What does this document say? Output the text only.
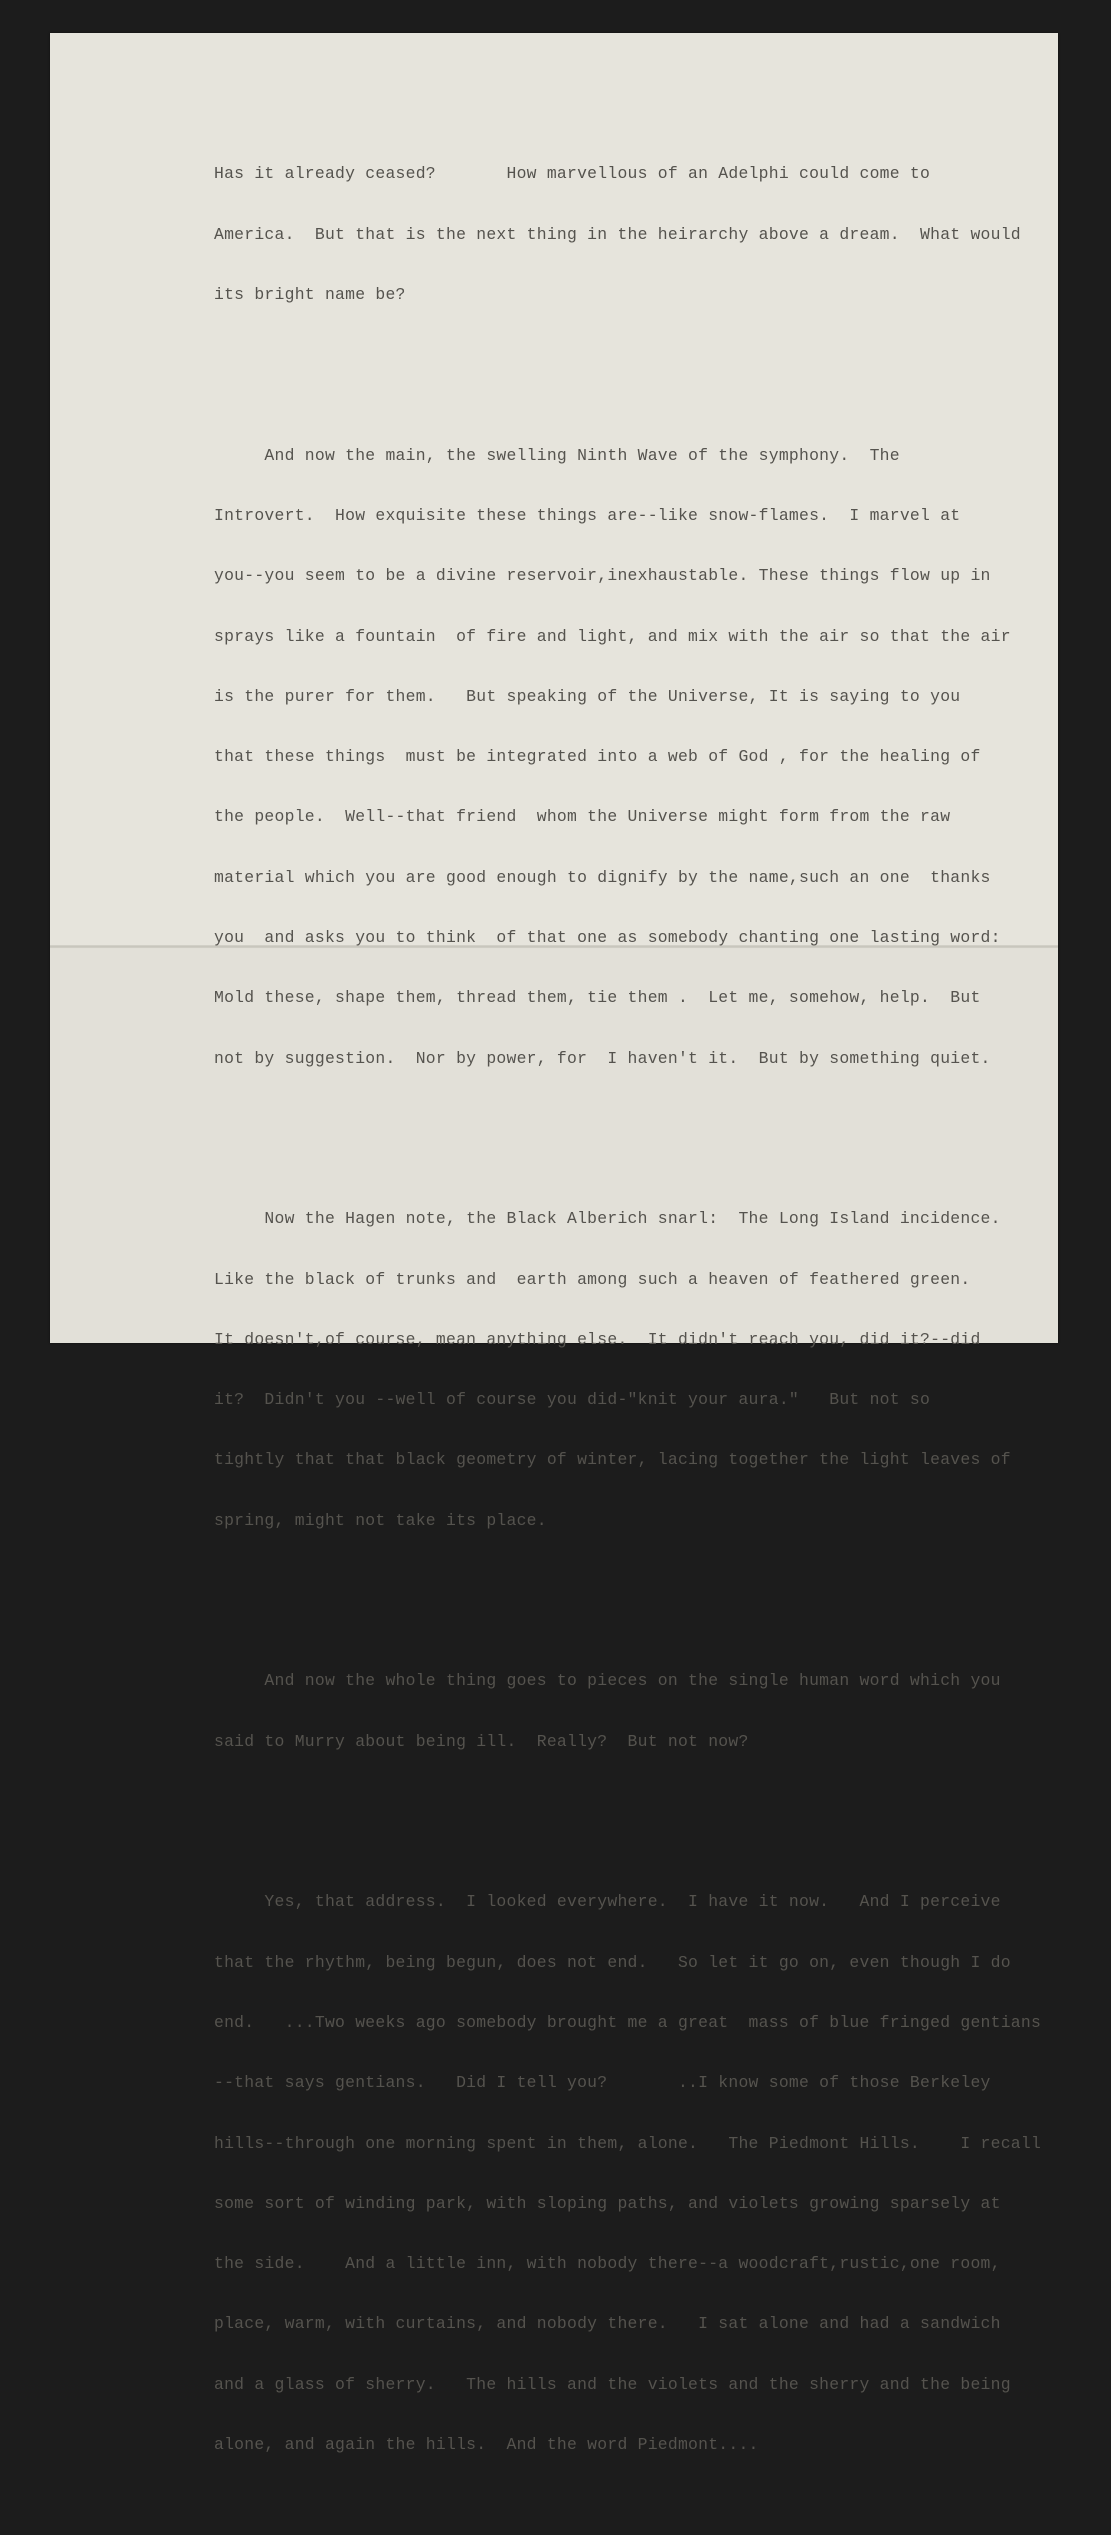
Has it already ceased?       How marvellous of an Adelphi could come to

America.  But that is the next thing in the heirarchy above a dream.  What would

its bright name be?

And now the main, the swelling Ninth Wave of the symphony.  The

Introvert.  How exquisite these things are--like snow-flames.  I marvel at

you--you seem to be a divine reservoir,inexhaustable. These things flow up in

sprays like a fountain  of fire and light, and mix with the air so that the air

is the purer for them.   But speaking of the Universe, It is saying to you

that these things  must be integrated into a web of God , for the healing of

the people.  Well--that friend  whom the Universe might form from the raw

material which you are good enough to dignify by the name,such an one  thanks

you  and asks you to think  of that one as somebody chanting one lasting word:

Mold these, shape them, thread them, tie them .  Let me, somehow, help.  But

not by suggestion.  Nor by power, for  I haven't it.  But by something quiet.

Now the Hagen note, the Black Alberich snarl:  The Long Island incidence.

Like the black of trunks and  earth among such a heaven of feathered green.

It doesn't,of course, mean anything else.  It didn't reach you, did it?--did

it?  Didn't you --well of course you did-"knit your aura."   But not so

tightly that that black geometry of winter, lacing together the light leaves of

spring, might not take its place.

And now the whole thing goes to pieces on the single human word which you

said to Murry about being ill.  Really?  But not now?

Yes, that address.  I looked everywhere.  I have it now.   And I perceive

that the rhythm, being begun, does not end.   So let it go on, even though I do

end.   ...Two weeks ago somebody brought me a great  mass of blue fringed gentians

--that says gentians.   Did I tell you?       ..I know some of those Berkeley

hills--through one morning spent in them, alone.   The Piedmont Hills.    I recall

some sort of winding park, with sloping paths, and violets growing sparsely at

the side.    And a little inn, with nobody there--a woodcraft,rustic,one room,

place, warm, with curtains, and nobody there.   I sat alone and had a sandwich

and a glass of sherry.   The hills and the violets and the sherry and the being

alone, and again the hills.  And the word Piedmont....
